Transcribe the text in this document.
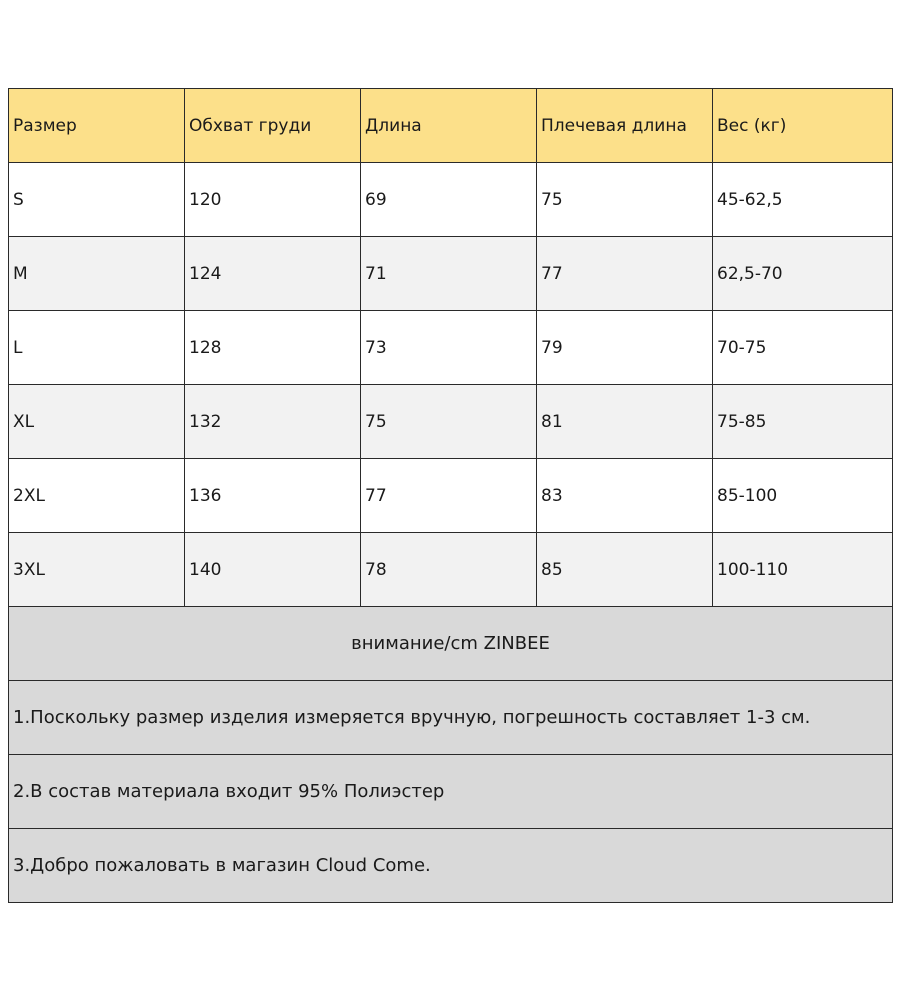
Размер	Обхват груди	Длина	Плечевая длина	Вес (кг)
S	120	69	75	45-62,5
M	124	71	77	62,5-70
L	128	73	79	70-75
XL	132	75	81	75-85
2XL	136	77	83	85-100
3XL	140	78	85	100-110
внимание/cm ZINBEE				
1.Поскольку размер изделия измеряется вручную, погрешность составляет 1-3 см.				
2.В состав материала входит 95% Полиэстер				
3.Добро пожаловать в магазин Cloud Come.				
